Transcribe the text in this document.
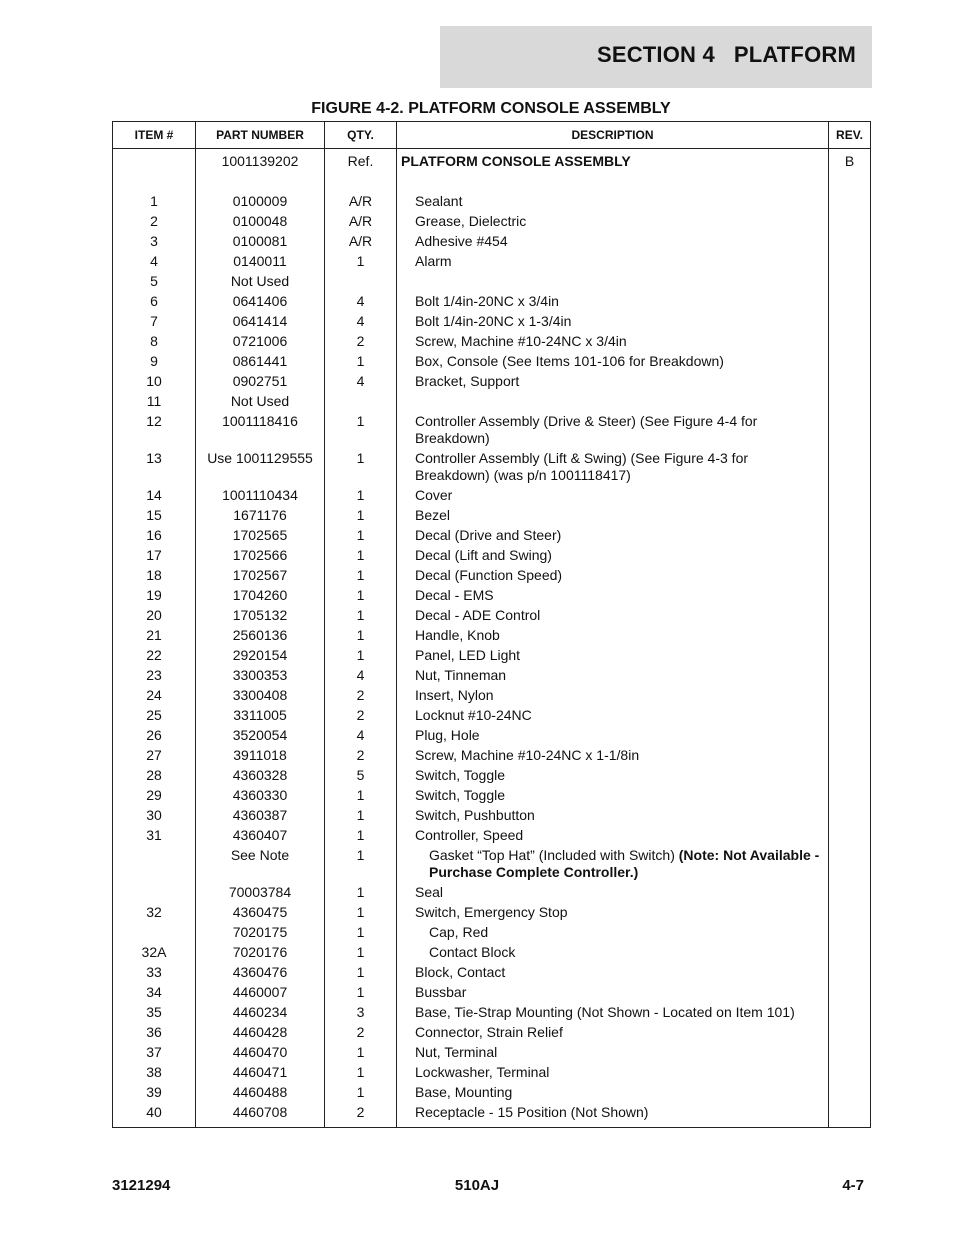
SECTION 4   PLATFORM
FIGURE 4-2. PLATFORM CONSOLE ASSEMBLY
ITEM #	PART NUMBER	QTY.	DESCRIPTION	REV.
	1001139202	Ref.	PLATFORM CONSOLE ASSEMBLY	B

1	0100009	A/R	Sealant	
2	0100048	A/R	Grease, Dielectric	
3	0100081	A/R	Adhesive #454	
4	0140011	1	Alarm	
5	Not Used			
6	0641406	4	Bolt 1/4in-20NC x 3/4in	
7	0641414	4	Bolt 1/4in-20NC x 1-3/4in	
8	0721006	2	Screw, Machine #10-24NC x 3/4in	
9	0861441	1	Box, Console (See Items 101-106 for Breakdown)	
10	0902751	4	Bracket, Support	
11	Not Used			
12	1001118416	1	Controller Assembly (Drive & Steer) (See Figure 4-4 for Breakdown)	
13	Use 1001129555	1	Controller Assembly (Lift & Swing) (See Figure 4-3 for Breakdown) (was p/n 1001118417)	
14	1001110434	1	Cover	
15	1671176	1	Bezel	
16	1702565	1	Decal (Drive and Steer)	
17	1702566	1	Decal (Lift and Swing)	
18	1702567	1	Decal (Function Speed)	
19	1704260	1	Decal - EMS	
20	1705132	1	Decal - ADE Control	
21	2560136	1	Handle, Knob	
22	2920154	1	Panel, LED Light	
23	3300353	4	Nut, Tinneman	
24	3300408	2	Insert, Nylon	
25	3311005	2	Locknut #10-24NC	
26	3520054	4	Plug, Hole	
27	3911018	2	Screw, Machine #10-24NC x 1-1/8in	
28	4360328	5	Switch, Toggle	
29	4360330	1	Switch, Toggle	
30	4360387	1	Switch, Pushbutton	
31	4360407	1	Controller, Speed	
	See Note	1	Gasket “Top Hat” (Included with Switch) (Note: Not Available - Purchase Complete Controller.)	
	70003784	1	Seal	
32	4360475	1	Switch, Emergency Stop	
	7020175	1	Cap, Red	
32A	7020176	1	Contact Block	
33	4360476	1	Block, Contact	
34	4460007	1	Bussbar	
35	4460234	3	Base, Tie-Strap Mounting (Not Shown - Located on Item 101)	
36	4460428	2	Connector, Strain Relief	
37	4460470	1	Nut, Terminal	
38	4460471	1	Lockwasher, Terminal	
39	4460488	1	Base, Mounting	
40	4460708	2	Receptacle - 15 Position (Not Shown)	
3121294	510AJ	4-7
